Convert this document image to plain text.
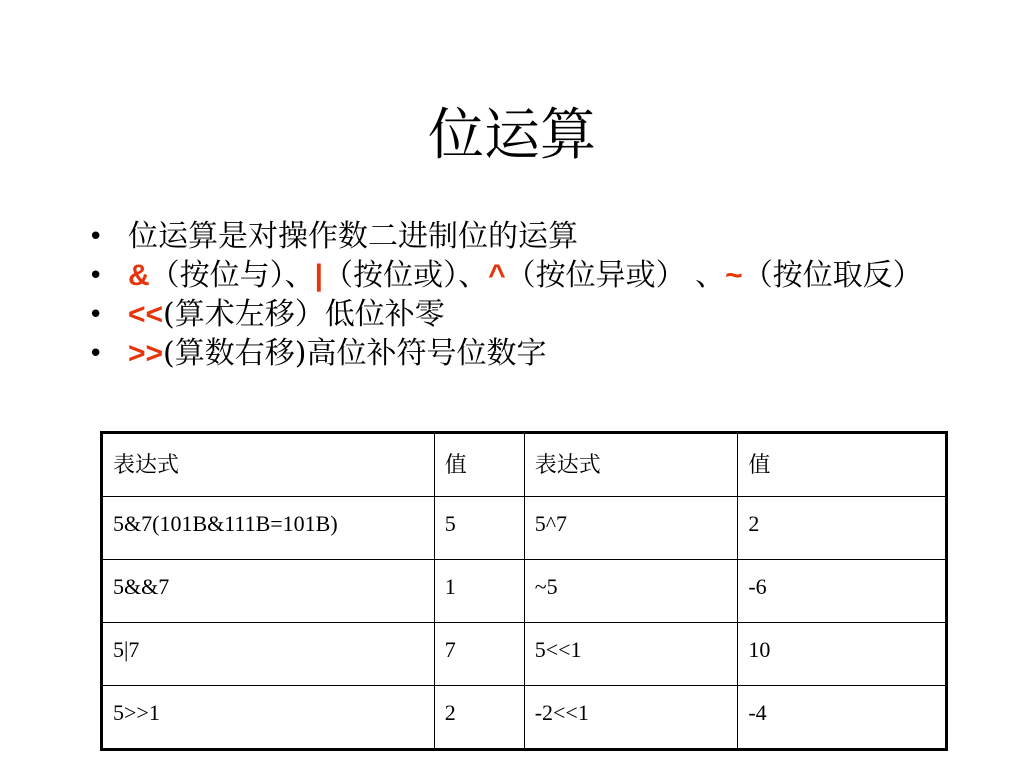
位运算
• 位运算是对操作数二进制位的运算
• &（按位与）、|（按位或）、^（按位异或） 、~（按位取反）
• <<(算术左移）低位补零
• >>(算数右移)高位补符号位数字
表达式	值	表达式	值
5&7(101B&111B=101B)	5	5^7	2
5&&7	1	~5	-6
5|7	7	5<<1	10
5>>1	2	-2<<1	-4
